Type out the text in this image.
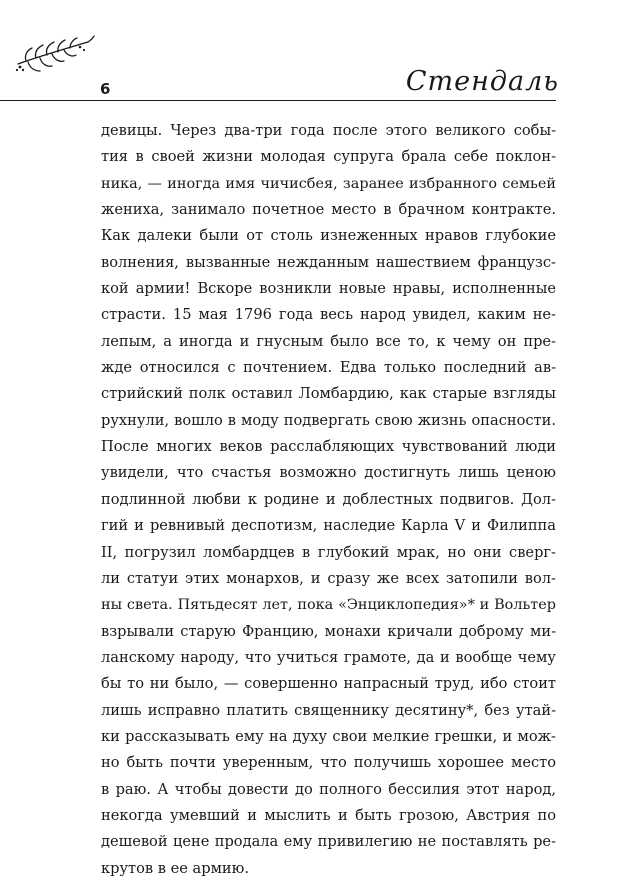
6	Стендаль
девицы. Через два-три года после этого великого собы-
тия в своей жизни молодая супруга брала себе поклон-
ника, — иногда имя чичисбея, заранее избранного семьей
жениха, занимало почетное место в брачном контракте.
Как далеки были от столь изнеженных нравов глубокие
волнения, вызванные нежданным нашествием французс-
кой армии! Вскоре возникли новые нравы, исполненные
страсти. 15 мая 1796 года весь народ увидел, каким не-
лепым, а иногда и гнусным было все то, к чему он пре-
жде относился с почтением. Едва только последний ав-
стрийский полк оставил Ломбардию, как старые взгляды
рухнули, вошло в моду подвергать свою жизнь опасности.
После многих веков расслабляющих чувствований люди
увидели, что счастья возможно достигнуть лишь ценою
подлинной любви к родине и доблестных подвигов. Дол-
гий и ревнивый деспотизм, наследие Карла V и Филиппа
II, погрузил ломбардцев в глубокий мрак, но они сверг-
ли статуи этих монархов, и сразу же всех затопили вол-
ны света. Пятьдесят лет, пока «Энциклопедия»* и Вольтер
взрывали старую Францию, монахи кричали доброму ми-
ланскому народу, что учиться грамоте, да и вообще чему
бы то ни было, — совершенно напрасный труд, ибо стоит
лишь исправно платить священнику десятину*, без утай-
ки рассказывать ему на духу свои мелкие грешки, и мож-
но быть почти уверенным, что получишь хорошее место
в раю. А чтобы довести до полного бессилия этот народ,
некогда умевший и мыслить и быть грозою, Австрия по
дешевой цене продала ему привилегию не поставлять ре-
крутов в ее армию.
